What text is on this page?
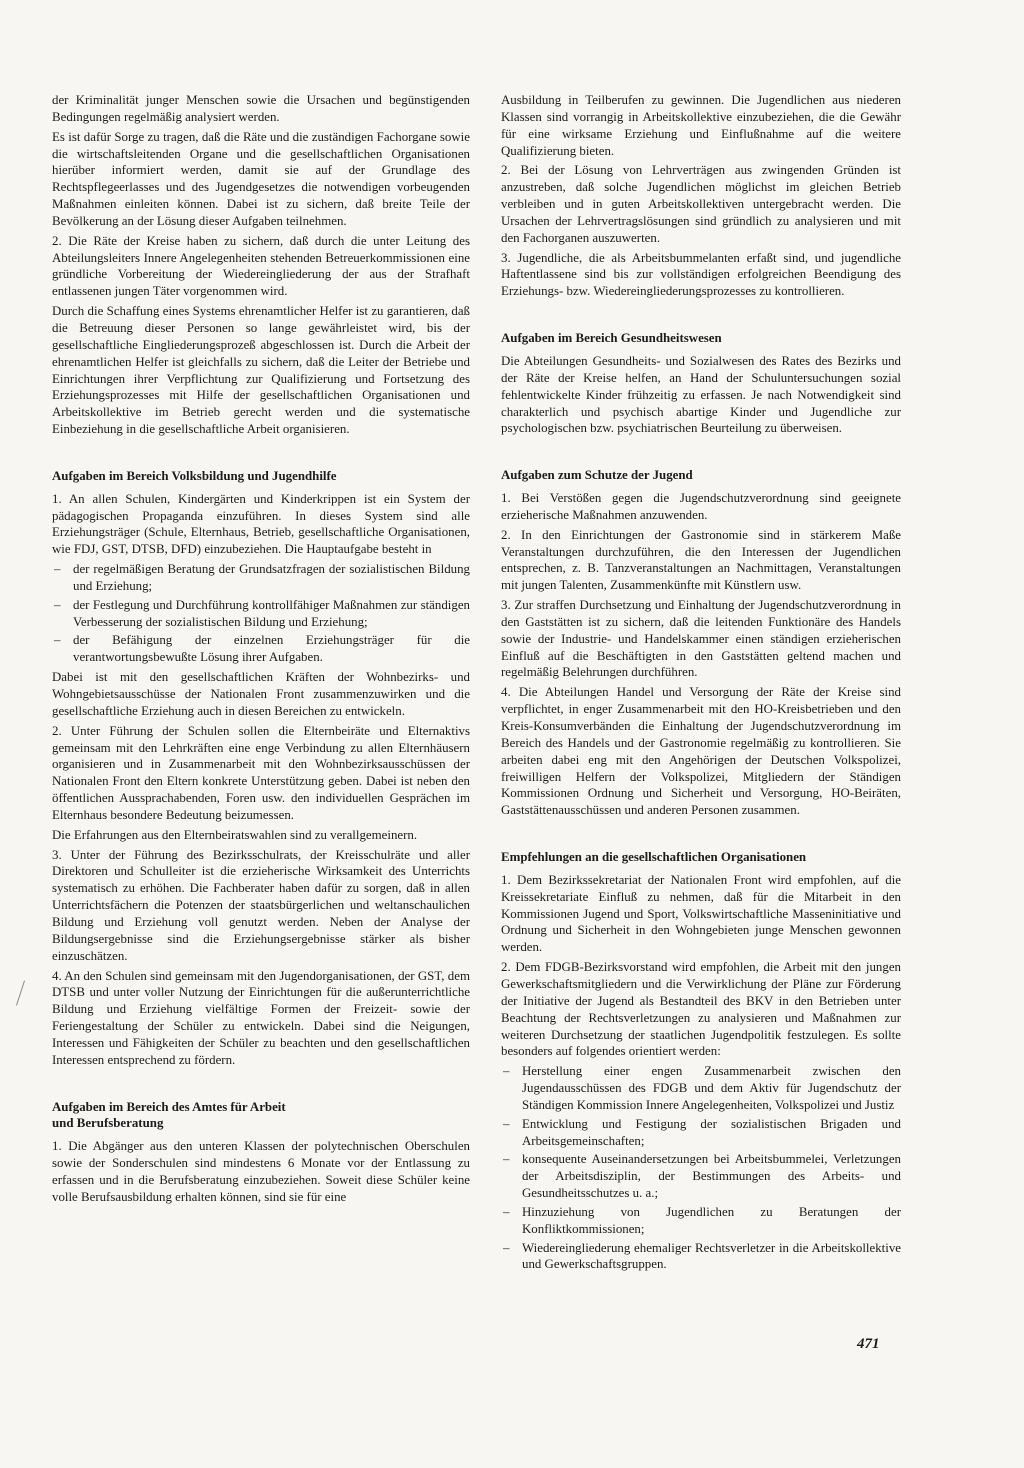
der Kriminalität junger Menschen sowie die Ursachen und begünstigenden Bedingungen regelmäßig analysiert werden.

Es ist dafür Sorge zu tragen, daß die Räte und die zuständigen Fachorgane sowie die wirtschaftsleitenden Organe und die gesellschaftlichen Organisationen hierüber informiert werden, damit sie auf der Grundlage des Rechtspflegeerlasses und des Jugendgesetzes die notwendigen vorbeugenden Maßnahmen einleiten können. Dabei ist zu sichern, daß breite Teile der Bevölkerung an der Lösung dieser Aufgaben teilnehmen.

2. Die Räte der Kreise haben zu sichern, daß durch die unter Leitung des Abteilungsleiters Innere Angelegenheiten stehenden Betreuerkommissionen eine gründliche Vorbereitung der Wiedereingliederung der aus der Strafhaft entlassenen jungen Täter vorgenommen wird.

Durch die Schaffung eines Systems ehrenamtlicher Helfer ist zu garantieren, daß die Betreuung dieser Personen so lange gewährleistet wird, bis der gesellschaftliche Eingliederungsprozeß abgeschlossen ist. Durch die Arbeit der ehrenamtlichen Helfer ist gleichfalls zu sichern, daß die Leiter der Betriebe und Einrichtungen ihrer Verpflichtung zur Qualifizierung und Fortsetzung des Erziehungsprozesses mit Hilfe der gesellschaftlichen Organisationen und Arbeitskollektive im Betrieb gerecht werden und die systematische Einbeziehung in die gesellschaftliche Arbeit organisieren.

Aufgaben im Bereich Volksbildung und Jugendhilfe

1. An allen Schulen, Kindergärten und Kinderkrippen ist ein System der pädagogischen Propaganda einzuführen. In dieses System sind alle Erziehungsträger (Schule, Elternhaus, Betrieb, gesellschaftliche Organisationen, wie FDJ, GST, DTSB, DFD) einzubeziehen. Die Hauptaufgabe besteht in

– der regelmäßigen Beratung der Grundsatzfragen der sozialistischen Bildung und Erziehung;
– der Festlegung und Durchführung kontrollfähiger Maßnahmen zur ständigen Verbesserung der sozialistischen Bildung und Erziehung;
– der Befähigung der einzelnen Erziehungsträger für die verantwortungsbewußte Lösung ihrer Aufgaben.

Dabei ist mit den gesellschaftlichen Kräften der Wohnbezirks- und Wohngebietsausschüsse der Nationalen Front zusammenzuwirken und die gesellschaftliche Erziehung auch in diesen Bereichen zu entwickeln.

2. Unter Führung der Schulen sollen die Elternbeiräte und Elternaktivs gemeinsam mit den Lehrkräften eine enge Verbindung zu allen Elternhäusern organisieren und in Zusammenarbeit mit den Wohnbezirksausschüssen der Nationalen Front den Eltern konkrete Unterstützung geben. Dabei ist neben den öffentlichen Aussprachabenden, Foren usw. den individuellen Gesprächen im Elternhaus besondere Bedeutung beizumessen.

Die Erfahrungen aus den Elternbeiratswahlen sind zu verallgemeinern.

3. Unter der Führung des Bezirksschulrats, der Kreisschulräte und aller Direktoren und Schulleiter ist die erzieherische Wirksamkeit des Unterrichts systematisch zu erhöhen. Die Fachberater haben dafür zu sorgen, daß in allen Unterrichtsfächern die Potenzen der staatsbürgerlichen und weltanschaulichen Bildung und Erziehung voll genutzt werden. Neben der Analyse der Bildungsergebnisse sind die Erziehungsergebnisse stärker als bisher einzuschätzen.

4. An den Schulen sind gemeinsam mit den Jugendorganisationen, der GST, dem DTSB und unter voller Nutzung der Einrichtungen für die außerunterrichtliche Bildung und Erziehung vielfältige Formen der Freizeit- sowie der Feriengestaltung der Schüler zu entwickeln. Dabei sind die Neigungen, Interessen und Fähigkeiten der Schüler zu beachten und den gesellschaftlichen Interessen entsprechend zu fördern.

Aufgaben im Bereich des Amtes für Arbeit
und Berufsberatung

1. Die Abgänger aus den unteren Klassen der polytechnischen Oberschulen sowie der Sonderschulen sind mindestens 6 Monate vor der Entlassung zu erfassen und in die Berufsberatung einzubeziehen. Soweit diese Schüler keine volle Berufsausbildung erhalten können, sind sie für eine

Ausbildung in Teilberufen zu gewinnen. Die Jugendlichen aus niederen Klassen sind vorrangig in Arbeitskollektive einzubeziehen, die die Gewähr für eine wirksame Erziehung und Einflußnahme auf die weitere Qualifizierung bieten.

2. Bei der Lösung von Lehrverträgen aus zwingenden Gründen ist anzustreben, daß solche Jugendlichen möglichst im gleichen Betrieb verbleiben und in guten Arbeitskollektiven untergebracht werden. Die Ursachen der Lehrvertragslösungen sind gründlich zu analysieren und mit den Fachorganen auszuwerten.

3. Jugendliche, die als Arbeitsbummelanten erfaßt sind, und jugendliche Haftentlassene sind bis zur vollständigen erfolgreichen Beendigung des Erziehungs- bzw. Wiedereingliederungsprozesses zu kontrollieren.

Aufgaben im Bereich Gesundheitswesen

Die Abteilungen Gesundheits- und Sozialwesen des Rates des Bezirks und der Räte der Kreise helfen, an Hand der Schuluntersuchungen sozial fehlentwickelte Kinder frühzeitig zu erfassen. Je nach Notwendigkeit sind charakterlich und psychisch abartige Kinder und Jugendliche zur psychologischen bzw. psychiatrischen Beurteilung zu überweisen.

Aufgaben zum Schutze der Jugend

1. Bei Verstößen gegen die Jugendschutzverordnung sind geeignete erzieherische Maßnahmen anzuwenden.

2. In den Einrichtungen der Gastronomie sind in stärkerem Maße Veranstaltungen durchzuführen, die den Interessen der Jugendlichen entsprechen, z. B. Tanzveranstaltungen an Nachmittagen, Veranstaltungen mit jungen Talenten, Zusammenkünfte mit Künstlern usw.

3. Zur straffen Durchsetzung und Einhaltung der Jugendschutzverordnung in den Gaststätten ist zu sichern, daß die leitenden Funktionäre des Handels sowie der Industrie- und Handelskammer einen ständigen erzieherischen Einfluß auf die Beschäftigten in den Gaststätten geltend machen und regelmäßig Belehrungen durchführen.

4. Die Abteilungen Handel und Versorgung der Räte der Kreise sind verpflichtet, in enger Zusammenarbeit mit den HO-Kreisbetrieben und den Kreis-Konsumverbänden die Einhaltung der Jugendschutzverordnung im Bereich des Handels und der Gastronomie regelmäßig zu kontrollieren. Sie arbeiten dabei eng mit den Angehörigen der Deutschen Volkspolizei, freiwilligen Helfern der Volkspolizei, Mitgliedern der Ständigen Kommissionen Ordnung und Sicherheit und Versorgung, HO-Beiräten, Gaststättenausschüssen und anderen Personen zusammen.

Empfehlungen an die gesellschaftlichen Organisationen

1. Dem Bezirkssekretariat der Nationalen Front wird empfohlen, auf die Kreissekretariate Einfluß zu nehmen, daß für die Mitarbeit in den Kommissionen Jugend und Sport, Volkswirtschaftliche Masseninitiative und Ordnung und Sicherheit in den Wohngebieten junge Menschen gewonnen werden.

2. Dem FDGB-Bezirksvorstand wird empfohlen, die Arbeit mit den jungen Gewerkschaftsmitgliedern und die Verwirklichung der Pläne zur Förderung der Initiative der Jugend als Bestandteil des BKV in den Betrieben unter Beachtung der Rechtsverletzungen zu analysieren und Maßnahmen zur weiteren Durchsetzung der staatlichen Jugendpolitik festzulegen. Es sollte besonders auf folgendes orientiert werden:

– Herstellung einer engen Zusammenarbeit zwischen den Jugendausschüssen des FDGB und dem Aktiv für Jugendschutz der Ständigen Kommission Innere Angelegenheiten, Volkspolizei und Justiz
– Entwicklung und Festigung der sozialistischen Brigaden und Arbeitsgemeinschaften;
– konsequente Auseinandersetzungen bei Arbeitsbummelei, Verletzungen der Arbeitsdisziplin, der Bestimmungen des Arbeits- und Gesundheitsschutzes u. a.;
– Hinzuziehung von Jugendlichen zu Beratungen der Konfliktkommissionen;
– Wiedereingliederung ehemaliger Rechtsverletzer in die Arbeitskollektive und Gewerkschaftsgruppen.
471
